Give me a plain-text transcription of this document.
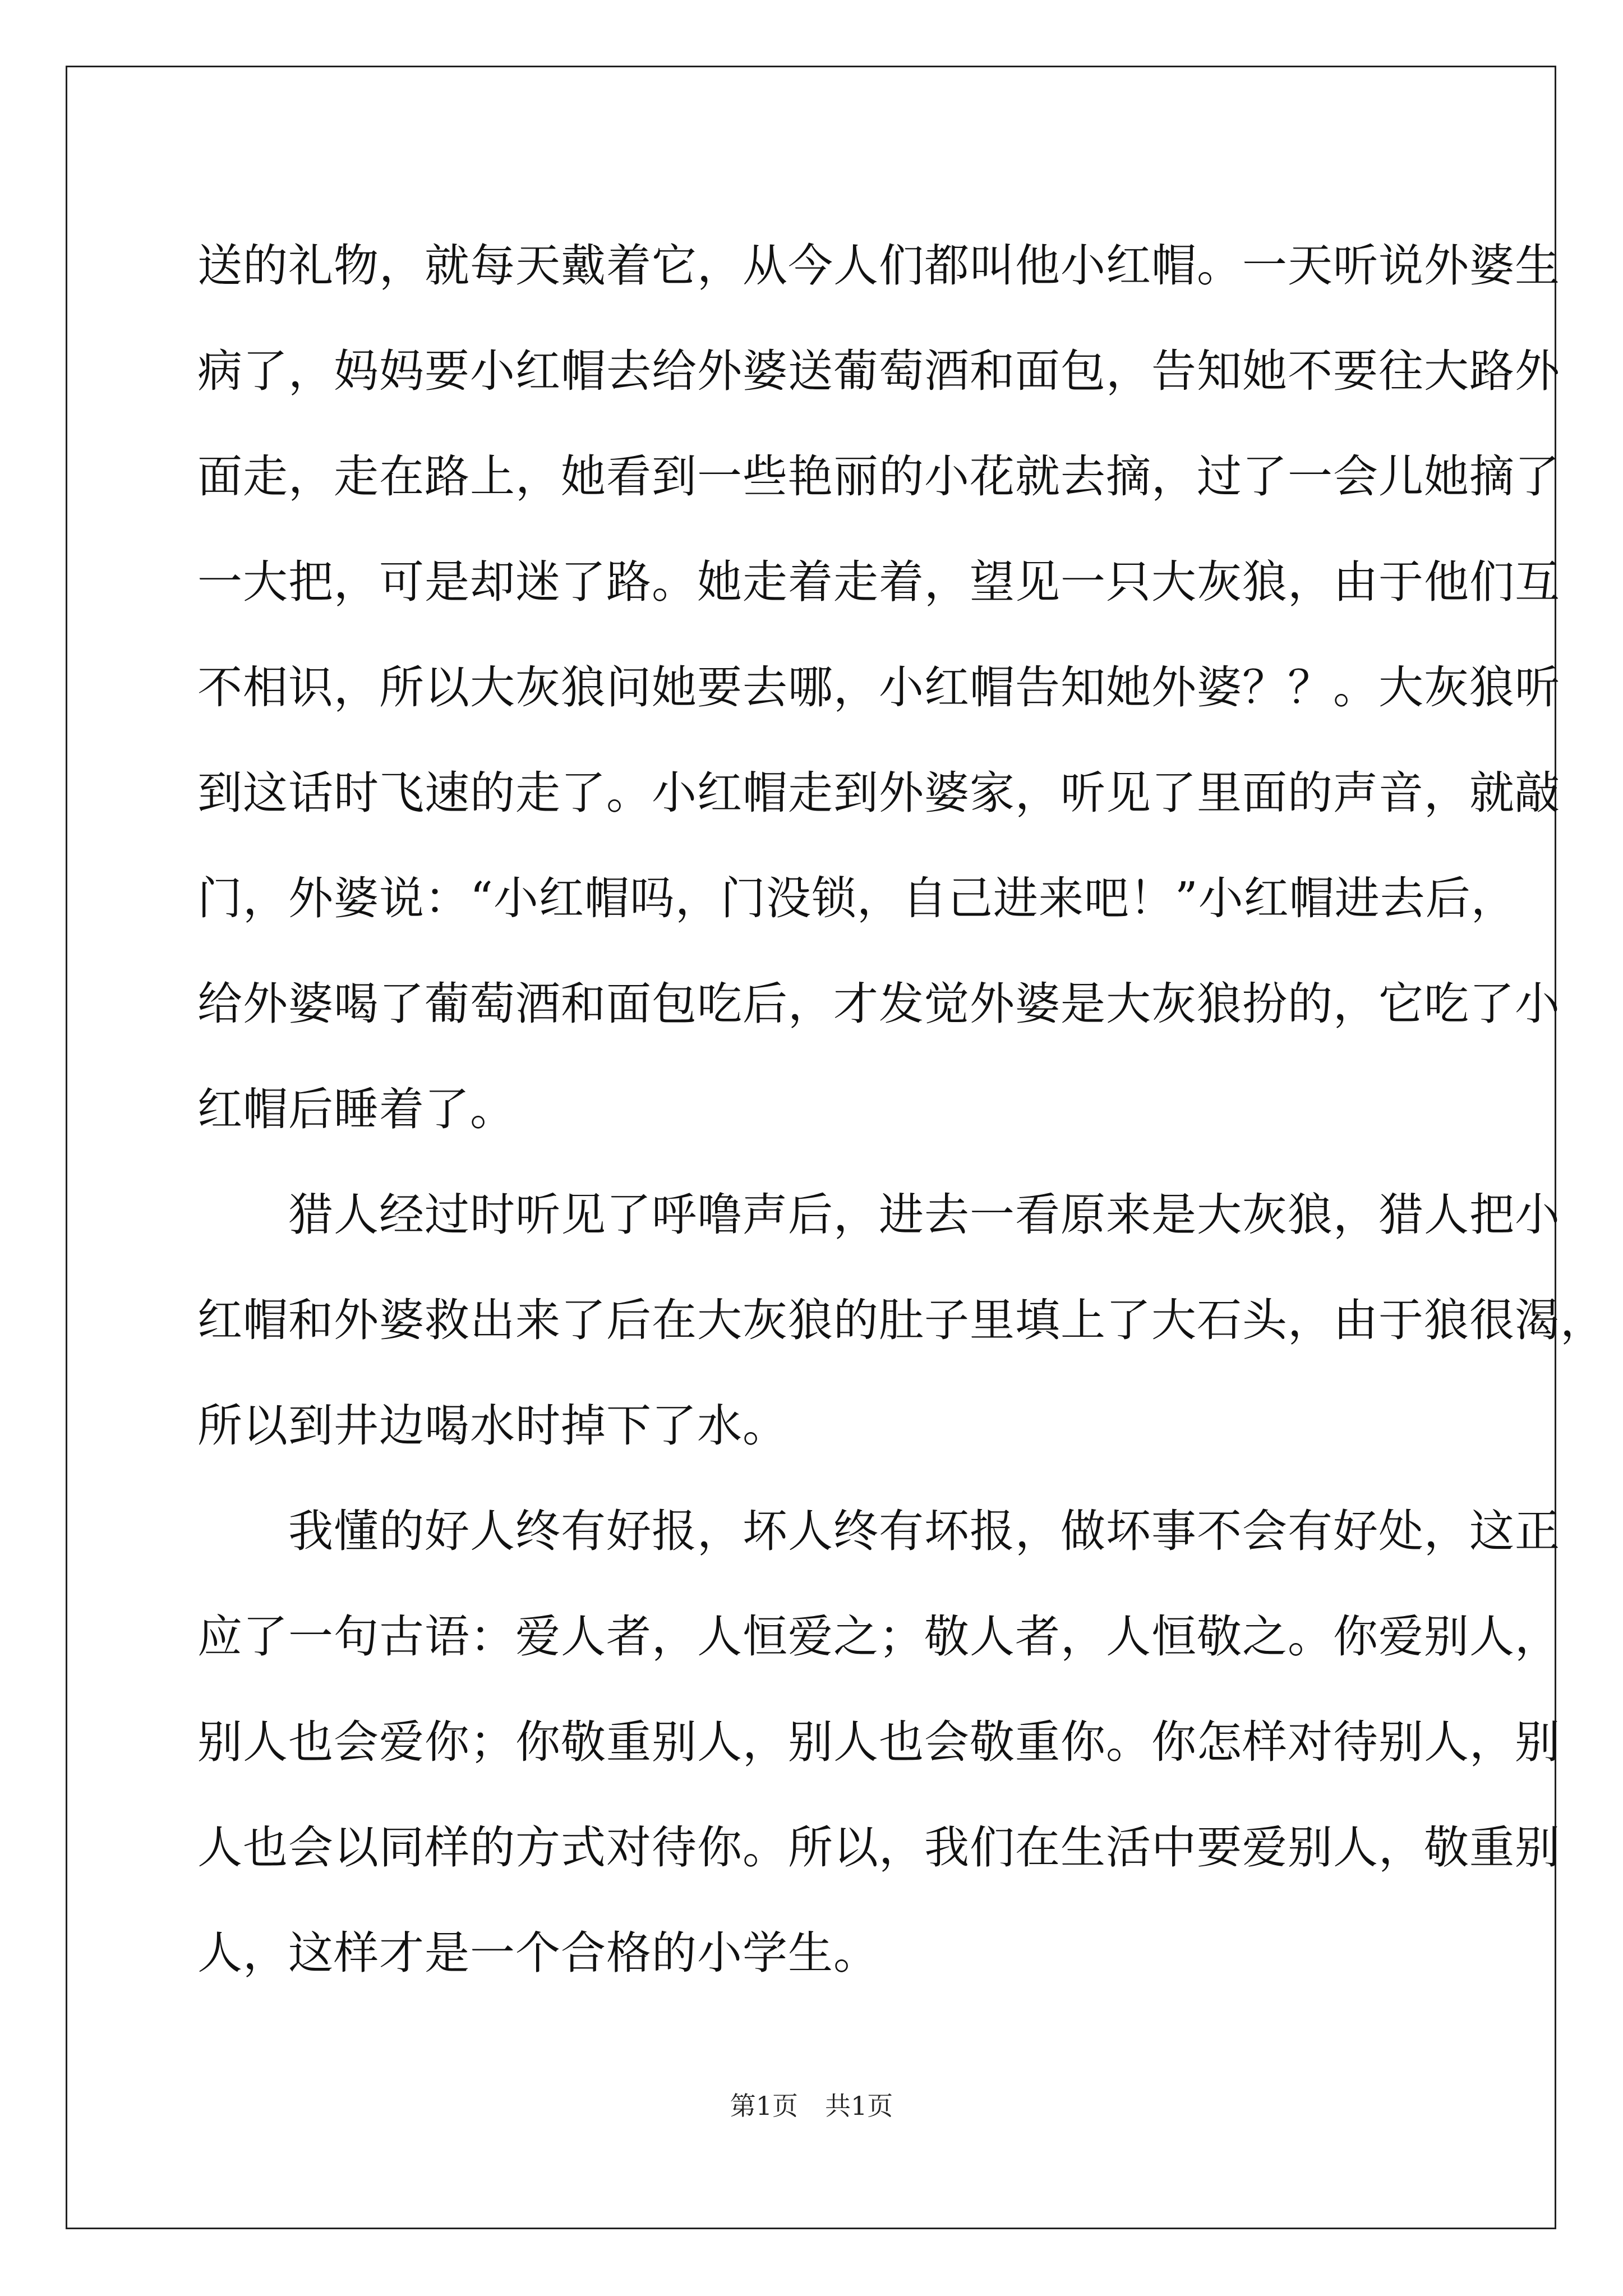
送的礼物，就每天戴着它，从今人们都叫他小红帽。一天听说外婆生
病了，妈妈要小红帽去给外婆送葡萄酒和面包，告知她不要往大路外
面走，走在路上，她看到一些艳丽的小花就去摘，过了一会儿她摘了
一大把，可是却迷了路。她走着走着，望见一只大灰狼，由于他们互
不相识，所以大灰狼问她要去哪，小红帽告知她外婆？？。大灰狼听
到这话时飞速的走了。小红帽走到外婆家，听见了里面的声音，就敲
门，外婆说：“小红帽吗，门没锁，自己进来吧！”小红帽进去后，
给外婆喝了葡萄酒和面包吃后，才发觉外婆是大灰狼扮的，它吃了小
红帽后睡着了。
猎人经过时听见了呼噜声后，进去一看原来是大灰狼，猎人把小
红帽和外婆救出来了后在大灰狼的肚子里填上了大石头，由于狼很渴，
所以到井边喝水时掉下了水。
我懂的好人终有好报，坏人终有坏报，做坏事不会有好处，这正
应了一句古语：爱人者，人恒爱之；敬人者，人恒敬之。你爱别人，
别人也会爱你；你敬重别人，别人也会敬重你。你怎样对待别人，别
人也会以同样的方式对待你。所以，我们在生活中要爱别人，敬重别
人，这样才是一个合格的小学生。
第1页 共1页
